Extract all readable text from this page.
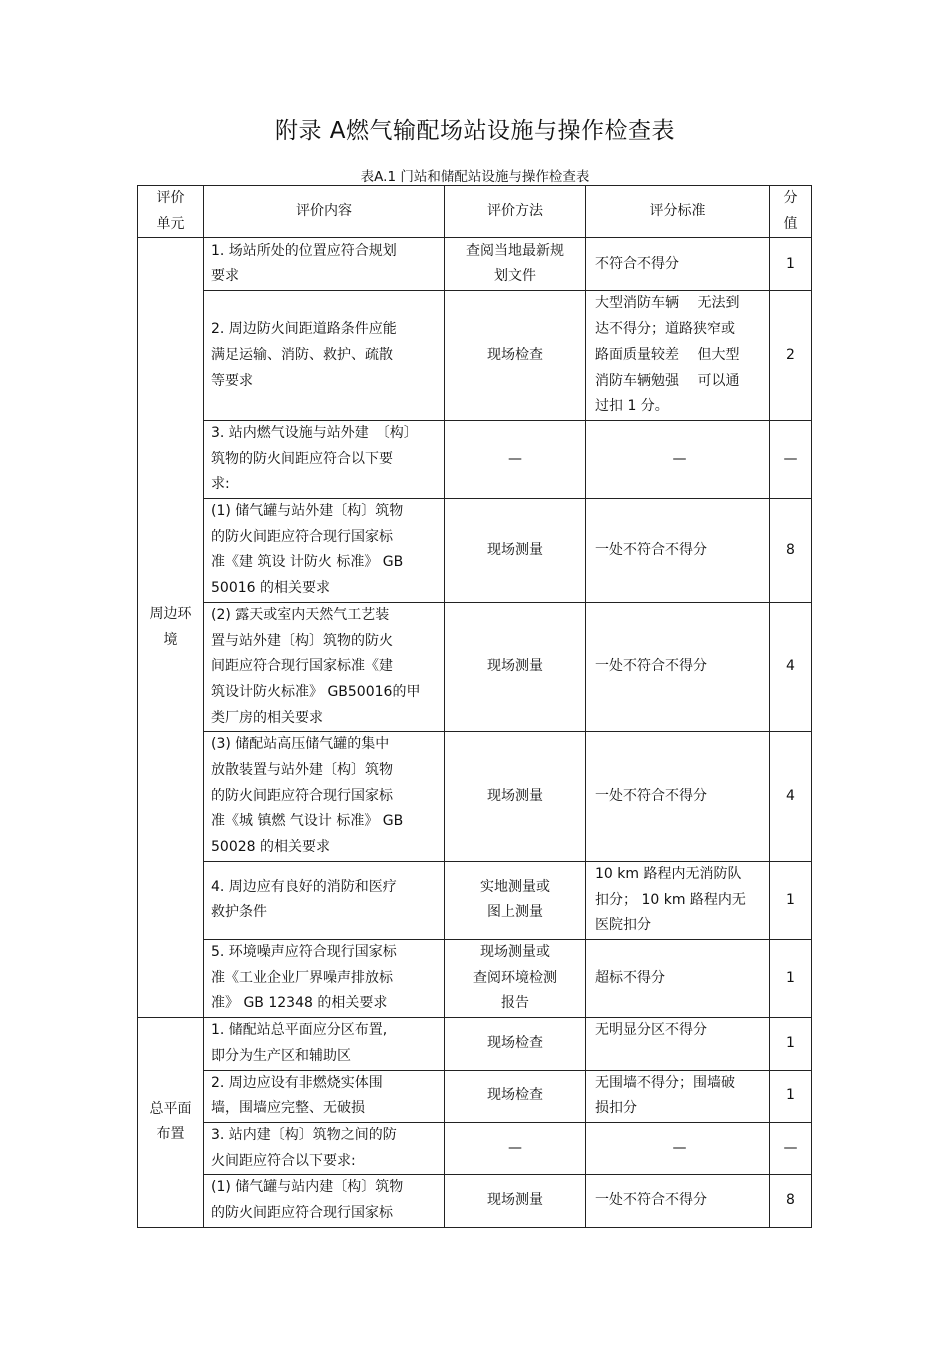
附录 A燃气输配场站设施与操作检查表
表A.1 门站和储配站设施与操作检查表
评价
单元	评价内容	评价方法	评分标准	分
值
周边环
境	1. 场站所处的位置应符合规划
要求	查阅当地最新规
划文件	不符合不得分	1
	2. 周边防火间距道路条件应能
满足运输、消防、救护、疏散
等要求	现场检查	大型消防车辆　 无法到
达不得分；道路狭窄或
路面质量较差　 但大型
消防车辆勉强　 可以通
过扣 1 分。	2
	3. 站内燃气设施与站外建　〔构〕
筑物的防火间距应符合以下要
求:	—	—	—
	(1) 储气罐与站外建〔构〕筑物
的防火间距应符合现行国家标
准《建 筑设 计防火 标准》 GB
50016 的相关要求	现场测量	一处不符合不得分	8
	(2) 露天或室内天然气工艺装
置与站外建〔构〕筑物的防火
间距应符合现行国家标准《建
筑设计防火标准》 GB50016的甲
类厂房的相关要求	现场测量	一处不符合不得分	4
	(3) 储配站高压储气罐的集中
放散装置与站外建〔构〕筑物
的防火间距应符合现行国家标
准《城 镇燃 气设计 标准》 GB
50028 的相关要求	现场测量	一处不符合不得分	4
	4. 周边应有良好的消防和医疗
救护条件	实地测量或
图上测量	10 km 路程内无消防队
扣分； 10 km 路程内无
医院扣分	1
	5. 环境噪声应符合现行国家标
准《工业企业厂界噪声排放标
准》 GB 12348 的相关要求	现场测量或
查阅环境检测
报告	超标不得分	1
总平面
布置	1. 储配站总平面应分区布置,
即分为生产区和辅助区	现场检查	无明显分区不得分	1
	2. 周边应设有非燃烧实体围
墙，围墙应完整、无破损	现场检查	无围墙不得分；围墙破
损扣分	1
	3. 站内建〔构〕筑物之间的防
火间距应符合以下要求:	—	—	—
	(1) 储气罐与站内建〔构〕筑物
的防火间距应符合现行国家标	现场测量	一处不符合不得分	8
